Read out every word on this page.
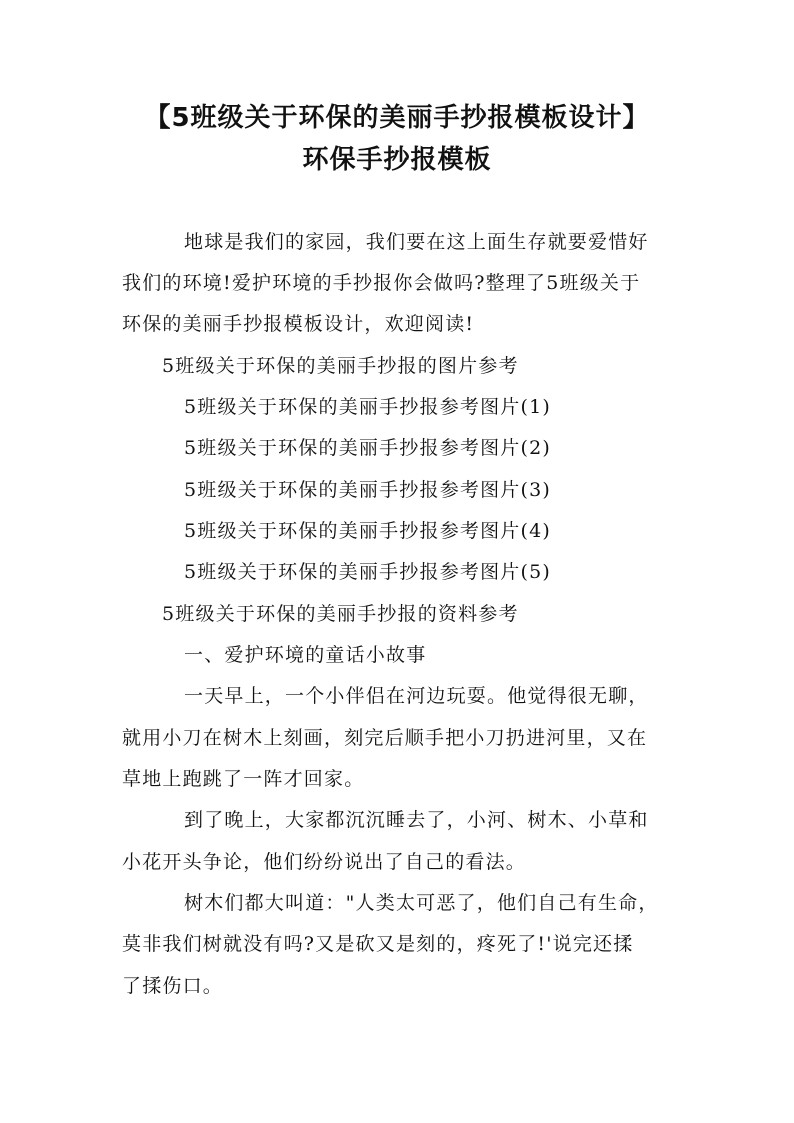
【5班级关于环保的美丽手抄报模板设计】
环保手抄报模板

地球是我们的家园，我们要在这上面生存就要爱惜好

我们的环境!爱护环境的手抄报你会做吗?整理了5班级关于

环保的美丽手抄报模板设计，欢迎阅读!

5班级关于环保的美丽手抄报的图片参考

5班级关于环保的美丽手抄报参考图片(1)

5班级关于环保的美丽手抄报参考图片(2)

5班级关于环保的美丽手抄报参考图片(3)

5班级关于环保的美丽手抄报参考图片(4)

5班级关于环保的美丽手抄报参考图片(5)

5班级关于环保的美丽手抄报的资料参考

一、爱护环境的童话小故事

一天早上，一个小伴侣在河边玩耍。他觉得很无聊，

就用小刀在树木上刻画，刻完后顺手把小刀扔进河里，又在

草地上跑跳了一阵才回家。

到了晚上，大家都沉沉睡去了，小河、树木、小草和

小花开头争论，他们纷纷说出了自己的看法。

树木们都大叫道："人类太可恶了，他们自己有生命，

莫非我们树就没有吗?又是砍又是刻的，疼死了!'说完还揉

了揉伤口。
